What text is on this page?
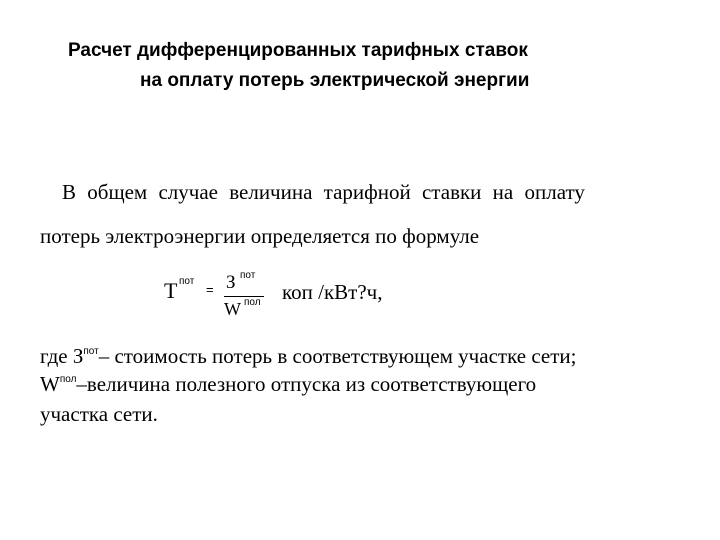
Расчет дифференцированных тарифных ставок
на оплату потерь электрической энергии
В общем случае величина тарифной ставки на оплату
потерь электроэнергии определяется по формуле
Т пот
= З пот
W пол коп /кВт?ч,
где $З^{пот}-$ стоимость потерь в соответствующем участке сети;
$W^{пол}$–величина полезного отпуска из соответствующего
участка сети.
